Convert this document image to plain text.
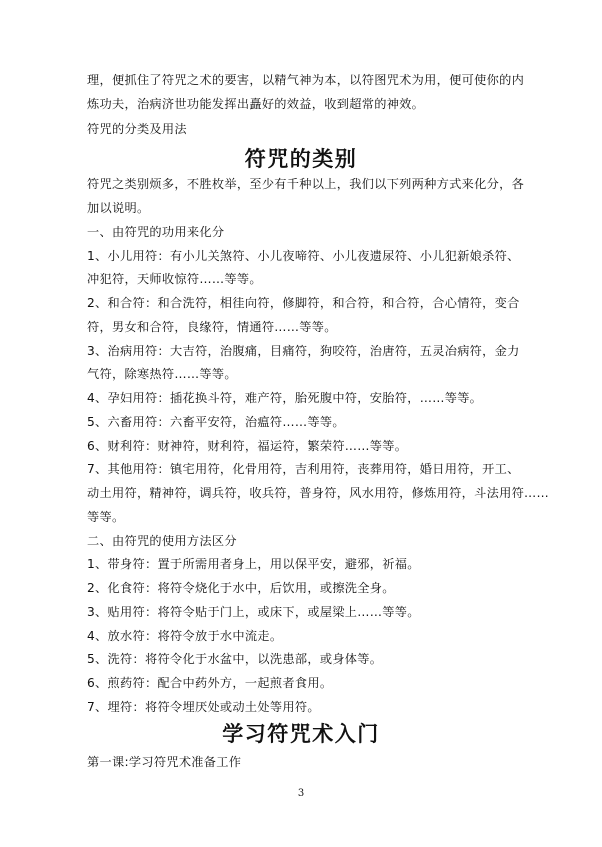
理，便抓住了符咒之术的要害，以精气神为本，以符图咒术为用，便可使你的内
炼功夫，治病济世功能发挥出矗好的效益，收到超常的神效。
符咒的分类及用法
符咒的类别
符咒之类别烦多，不胜枚举，至少有千种以上，我们以下列两种方式来化分，各
加以说明。
一、由符咒的功用来化分
1、小儿用符：有小儿关煞符、小儿夜啼符、小儿夜遗尿符、小儿犯新娘杀符、
冲犯符，天师收惊符……等等。
2、和合符：和合洗符，相徍向符，修脚符，和合符，和合符，合心情符，变合
符，男女和合符，良缘符，情通符……等等。
3、治病用符：大吉符，治腹痛，目痛符，狗咬符，治唐符，五灵冶病符，金力
气符，除寒热符……等等。
4、孕妇用符：插花换斗符，难产符，胎死腹中符，安胎符，……等等。
5、六畜用符：六畜平安符，治瘟符……等等。
6、财利符：财神符，财利符，福运符，繁荣符……等等。
7、其他用符：镇宅用符，化骨用符，吉利用符，丧葬用符，婚日用符，开工、
动土用符，精神符，调兵符，收兵符，普身符，风水用符，修炼用符，斗法用符……
等等。
二、由符咒的使用方法区分
1、带身符：置于所需用者身上，用以保平安，避邪，祈福。
2、化食符：将符令烧化于水中，后饮用，或擦洗全身。
3、贴用符：将符令贴于门上，或床下，或屋梁上……等等。
4、放水符：将符令放于水中流走。
5、洗符：将符令化于水盆中，以洗患部，或身体等。
6、煎药符：配合中药外方，一起煎者食用。
7、埋符：将符令埋厌处或动土处等用符。
学习符咒术入门
第一课:学习符咒术准备工作
3
